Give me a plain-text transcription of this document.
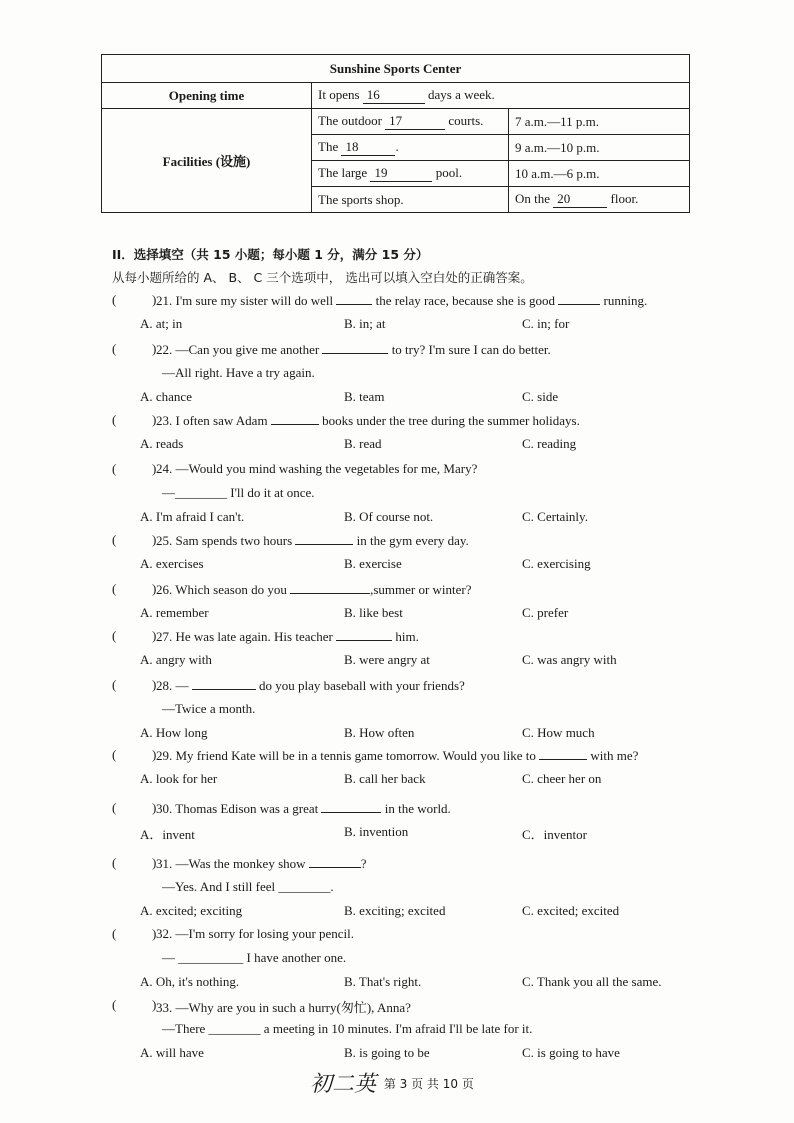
Sunshine Sports Center		
Opening time	It opens 16 days a week.	
Facilities (设施)	The outdoor 17 courts.	7 a.m.—11 p.m.
	The 18 .	9 a.m.—10 p.m.
	The large 19 pool.	10 a.m.—6 p.m.
	The sports shop.	On the 20 floor.
II．选择填空（共 15 小题；每小题 1 分，满分 15 分）
从每小题所给的 A、 B、 C 三个选项中， 选出可以填入空白处的正确答案。
(	) 21. I'm sure my sister will do well	the relay race, because she is good	running.
A. at; in	B. in; at	C. in; for
(	) 22. —Can you give me another	to try? I'm sure I can do better.
—All right. Have a try again.
A. chance	B. team	C. side
(	) 23. I often saw Adam	books under the tree during the summer holidays.
A. reads	B. read	C. reading
(	) 24. —Would you mind washing the vegetables for me, Mary?
—________ I'll do it at once.
A. I'm afraid I can't.	B. Of course not.	C. Certainly.
(	) 25. Sam spends two hours	in the gym every day.
A. exercises	B. exercise	C. exercising
(	) 26. Which season do you	,summer or winter?
A. remember	B. like best	C. prefer
(	) 27. He was late again. His teacher	him.
A. angry with	B. were angry at	C. was angry with
(	) 28. —	do you play baseball with your friends?
—Twice a month.
A. How long	B. How often	C. How much
(	) 29. My friend Kate will be in a tennis game tomorrow. Would you like to	with me?
A. look for her	B. call her back	C. cheer her on
(	) 30. Thomas Edison was a great	in the world.
A．invent	B. invention	C．inventor
(	) 31. —Was the monkey show	?
—Yes. And I still feel ________.
A. excited; exciting	B. exciting; excited	C. excited; excited
(	) 32. —I'm sorry for losing your pencil.
— __________ I have another one.
A. Oh, it's nothing.	B. That's right.	C. Thank you all the same.
(	) 33. —Why are you in such a hurry(匆忙), Anna?
—There ________ a meeting in 10 minutes. I'm afraid I'll be late for it.
A. will have	B. is going to be	C. is going to have
初二英 第 3 页 共 10 页
